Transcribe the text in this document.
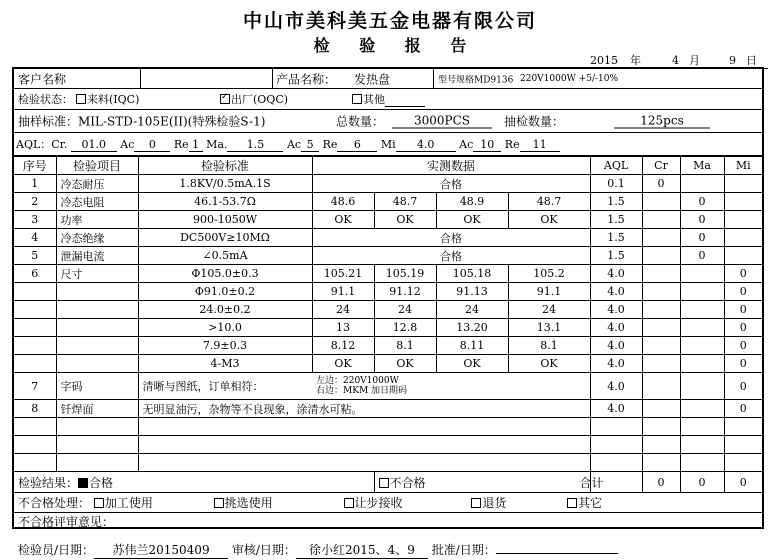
中山市美科美五金电器有限公司
检 验 报 告
2015 年	4 月	9 日
客户名称	产品名称： 发热盘	型号规格MD9136 220V1000W +5/-10%
检验状态：	来料(IQC)	✓ 出厂(OQC)	其他
抽样标准：MIL-STD-105E(II)(特殊检验S-1)	总数量：	3000PCS	抽检数量：	125pcs
AQL：Cr. 01.0 Ac 0 Re 1 Ma. 1.5 Ac 5 Re 6 Mi 4.0 Ac 10 Re 11
序号	检验项目	检验标准	实测数据				AQL	Cr	Ma	Mi
1	冷态耐压	1.8KV/0.5mA.1S	合格				0.1	0		
2	冷态电阻	46.1-53.7Ω	48.6	48.7	48.9	48.7	1.5		0	
3	功率	900-1050W	OK	OK	OK	OK	1.5		0	
4	冷态绝缘	DC500V≥10MΩ	合格				1.5		0	
5	泄漏电流	∠0.5mA	合格				1.5		0	
6	尺寸	Φ105.0±0.3	105.21	105.19	105.18	105.2	4.0			0
		Φ91.0±0.2	91.1	91.12	91.13	91.1	4.0			0
		24.0±0.2	24	24	24	24	4.0			0
		>10.0	13	12.8	13.20	13.1	4.0			0
		7.9±0.3	8.12	8.1	8.11	8.1	4.0			0
		4-M3	OK	OK	OK	OK	4.0			0
7	字码	清晰与图纸，订单相符： 左边：220V1000W
右边：MKM 加日期码					4.0			0
8	钎焊面	无明显油污，杂物等不良现象，涂清水可粘。					4.0			0

检验结果： 合格				不合格 合计				0	0	0
不合格处理： 加工使用 挑选使用 让步接收 退货 其它										
不合格评审意见：										
检验员/日期： 苏伟兰20150409 审核/日期： 徐小红2015、4、9 批准/日期：
